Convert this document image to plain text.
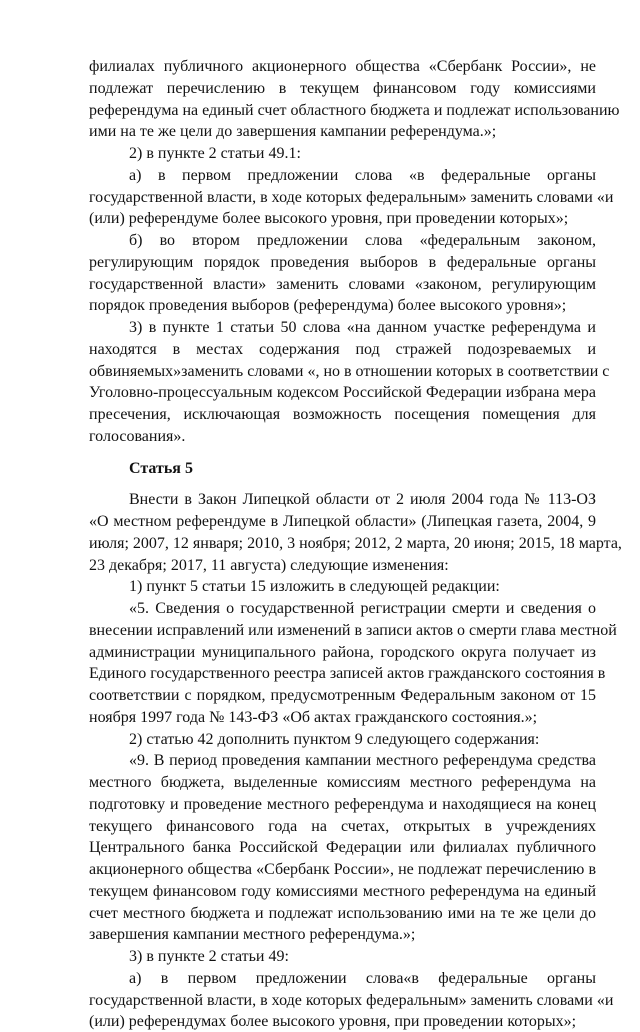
филиалах публичного акционерного общества «Сбербанк России», не
подлежат перечислению в текущем финансовом году комиссиями
референдума на единый счет областного бюджета и подлежат использованию
ими на те же цели до завершения кампании референдума.»;
2) в пункте 2 статьи 49.1:
а) в первом предложении слова «в федеральные органы
государственной власти, в ходе которых федеральным» заменить словами «и
(или) референдуме более высокого уровня, при проведении которых»;
б) во втором предложении слова «федеральным законом,
регулирующим порядок проведения выборов в федеральные органы
государственной власти» заменить словами «законом, регулирующим
порядок проведения выборов (референдума) более высокого уровня»;
3) в пункте 1 статьи 50 слова «на данном участке референдума и
находятся в местах содержания под стражей подозреваемых и
обвиняемых»заменить словами «, но в отношении которых в соответствии с
Уголовно-процессуальным кодексом Российской Федерации избрана мера
пресечения, исключающая возможность посещения помещения для
голосования».
Статья 5
Внести в Закон Липецкой области от 2 июля 2004 года № 113-ОЗ
«О местном референдуме в Липецкой области» (Липецкая газета, 2004, 9
июля; 2007, 12 января; 2010, 3 ноября; 2012, 2 марта, 20 июня; 2015, 18 марта,
23 декабря; 2017, 11 августа) следующие изменения:
1) пункт 5 статьи 15 изложить в следующей редакции:
«5. Сведения о государственной регистрации смерти и сведения о
внесении исправлений или изменений в записи актов о смерти глава местной
администрации муниципального района, городского округа получает из
Единого государственного реестра записей актов гражданского состояния в
соответствии с порядком, предусмотренным Федеральным законом от 15
ноября 1997 года № 143-ФЗ «Об актах гражданского состояния.»;
2) статью 42 дополнить пунктом 9 следующего содержания:
«9. В период проведения кампании местного референдума средства
местного бюджета, выделенные комиссиям местного референдума на
подготовку и проведение местного референдума и находящиеся на конец
текущего финансового года на счетах, открытых в учреждениях
Центрального банка Российской Федерации или филиалах публичного
акционерного общества «Сбербанк России», не подлежат перечислению в
текущем финансовом году комиссиями местного референдума на единый
счет местного бюджета и подлежат использованию ими на те же цели до
завершения кампании местного референдума.»;
3) в пункте 2 статьи 49:
а) в первом предложении слова«в федеральные органы
государственной власти, в ходе которых федеральным» заменить словами «и
(или) референдумах более высокого уровня, при проведении которых»;
